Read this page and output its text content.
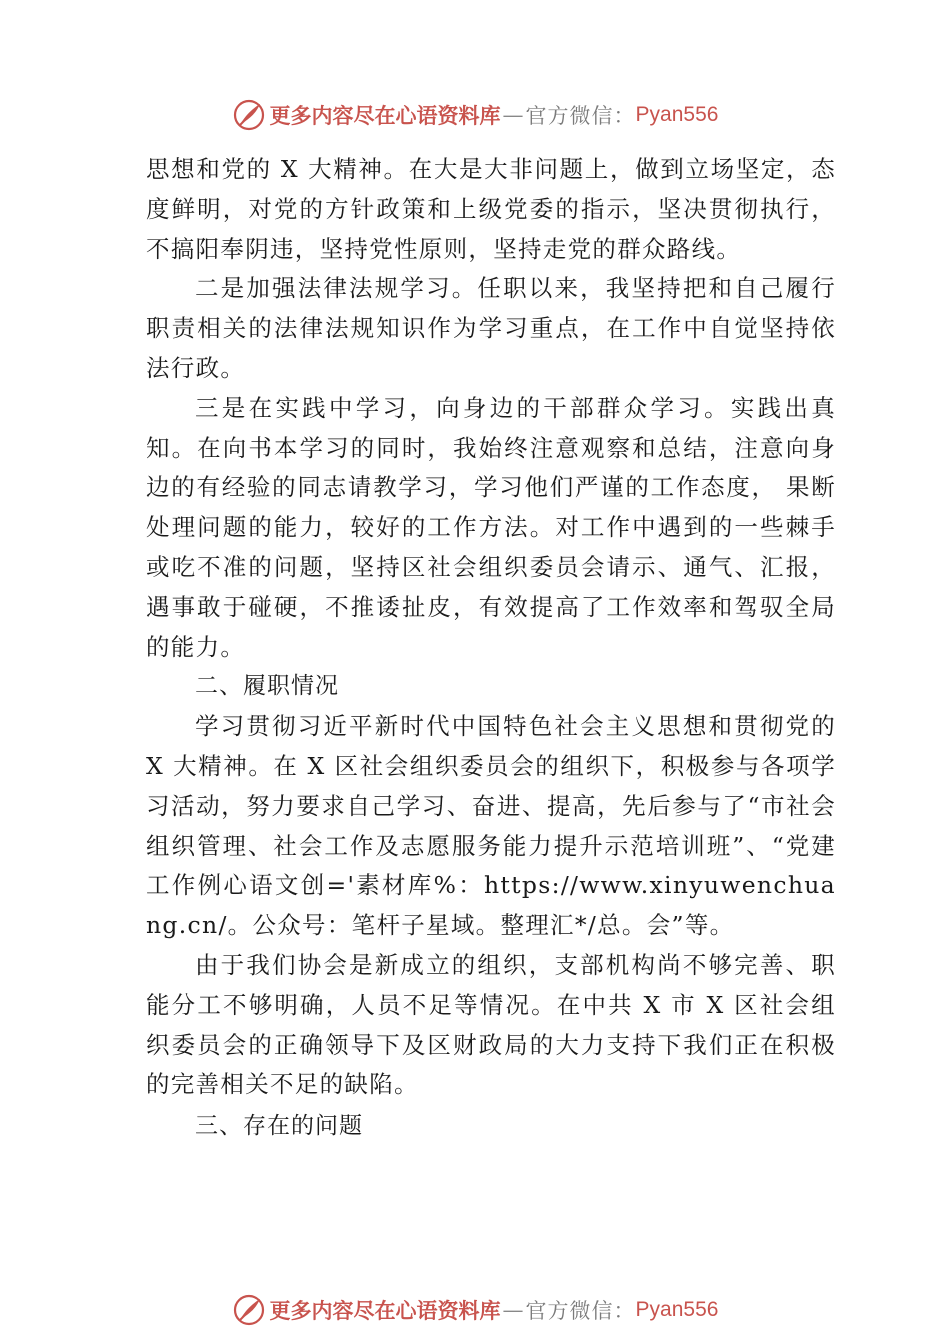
更多内容尽在心语资料库 — 官方微信： Pyan556

思想和党的 X 大精神。在大是大非问题上，做到立场坚定，态度鲜明，对党的方针政策和上级党委的指示，坚决贯彻执行，不搞阳奉阴违，坚持党性原则，坚持走党的群众路线。

二是加强法律法规学习。任职以来，我坚持把和自己履行职责相关的法律法规知识作为学习重点，在工作中自觉坚持依法行政。

三是在实践中学习，向身边的干部群众学习。实践出真知。在向书本学习的同时，我始终注意观察和总结，注意向身边的有经验的同志请教学习，学习他们严谨的工作态度， 果断处理问题的能力，较好的工作方法。对工作中遇到的一些棘手或吃不准的问题，坚持区社会组织委员会请示、通气、汇报，遇事敢于碰硬，不推诿扯皮，有效提高了工作效率和驾驭全局的能力。

二、履职情况

学习贯彻习近平新时代中国特色社会主义思想和贯彻党的 X 大精神。在 X 区社会组织委员会的组织下，积极参与各项学习活动，努力要求自己学习、奋进、提高，先后参与了“市社会组织管理、社会工作及志愿服务能力提升示范培训班”、“党建工作例心语文创='素材库%：https://www.xinyuwenchuang.cn/。公众号：笔杆子星域。整理汇*/总。会”等。

由于我们协会是新成立的组织，支部机构尚不够完善、职能分工不够明确，人员不足等情况。在中共 X 市 X 区社会组织委员会的正确领导下及区财政局的大力支持下我们正在积极的完善相关不足的缺陷。

三、存在的问题

更多内容尽在心语资料库 — 官方微信： Pyan556
